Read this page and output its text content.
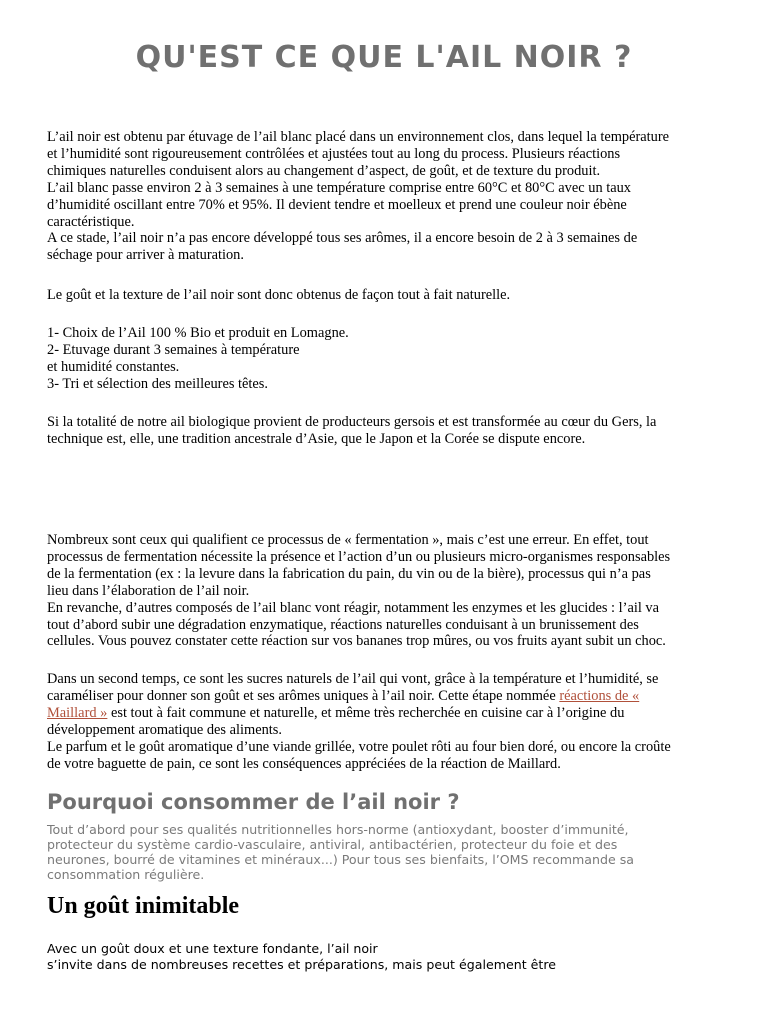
QU'EST CE QUE L'AIL NOIR ?
L’ail noir est obtenu par étuvage de l’ail blanc placé dans un environnement clos, dans lequel la température
et l’humidité sont rigoureusement contrôlées et ajustées tout au long du process. Plusieurs réactions
chimiques naturelles conduisent alors au changement d’aspect, de goût, et de texture du produit.
L’ail blanc passe environ 2 à 3 semaines à une température comprise entre 60°C et 80°C avec un taux
d’humidité oscillant entre 70% et 95%. Il devient tendre et moelleux et prend une couleur noir ébène
caractéristique.
A ce stade, l’ail noir n’a pas encore développé tous ses arômes, il a encore besoin de 2 à 3 semaines de
séchage pour arriver à maturation.
Le goût et la texture de l’ail noir sont donc obtenus de façon tout à fait naturelle.
1- Choix de l’Ail 100 % Bio et produit en Lomagne.
2- Etuvage durant 3 semaines à température
et humidité constantes.
3- Tri et sélection des meilleures têtes.
Si la totalité de notre ail biologique provient de producteurs gersois et est transformée au cœur du Gers, la
technique est, elle, une tradition ancestrale d’Asie, que le Japon et la Corée se dispute encore.
Nombreux sont ceux qui qualifient ce processus de « fermentation », mais c’est une erreur. En effet, tout
processus de fermentation nécessite la présence et l’action d’un ou plusieurs micro-organismes responsables
de la fermentation (ex : la levure dans la fabrication du pain, du vin ou de la bière), processus qui n’a pas
lieu dans l’élaboration de l’ail noir.
En revanche, d’autres composés de l’ail blanc vont réagir, notamment les enzymes et les glucides : l’ail va
tout d’abord subir une dégradation enzymatique, réactions naturelles conduisant à un brunissement des
cellules. Vous pouvez constater cette réaction sur vos bananes trop mûres, ou vos fruits ayant subit un choc.
Dans un second temps, ce sont les sucres naturels de l’ail qui vont, grâce à la température et l’humidité, se
caraméliser pour donner son goût et ses arômes uniques à l’ail noir. Cette étape nommée réactions de «
Maillard » est tout à fait commune et naturelle, et même très recherchée en cuisine car à l’origine du
développement aromatique des aliments.
Le parfum et le goût aromatique d’une viande grillée, votre poulet rôti au four bien doré, ou encore la croûte
de votre baguette de pain, ce sont les conséquences appréciées de la réaction de Maillard.
Pourquoi consommer de l’ail noir ?
Tout d’abord pour ses qualités nutritionnelles hors-norme (antioxydant, booster d’immunité,
protecteur du système cardio-vasculaire, antiviral, antibactérien, protecteur du foie et des
neurones, bourré de vitamines et minéraux...) Pour tous ses bienfaits, l’OMS recommande sa
consommation régulière.
Un goût inimitable
Avec un goût doux et une texture fondante, l’ail noir
s’invite dans de nombreuses recettes et préparations, mais peut également être
